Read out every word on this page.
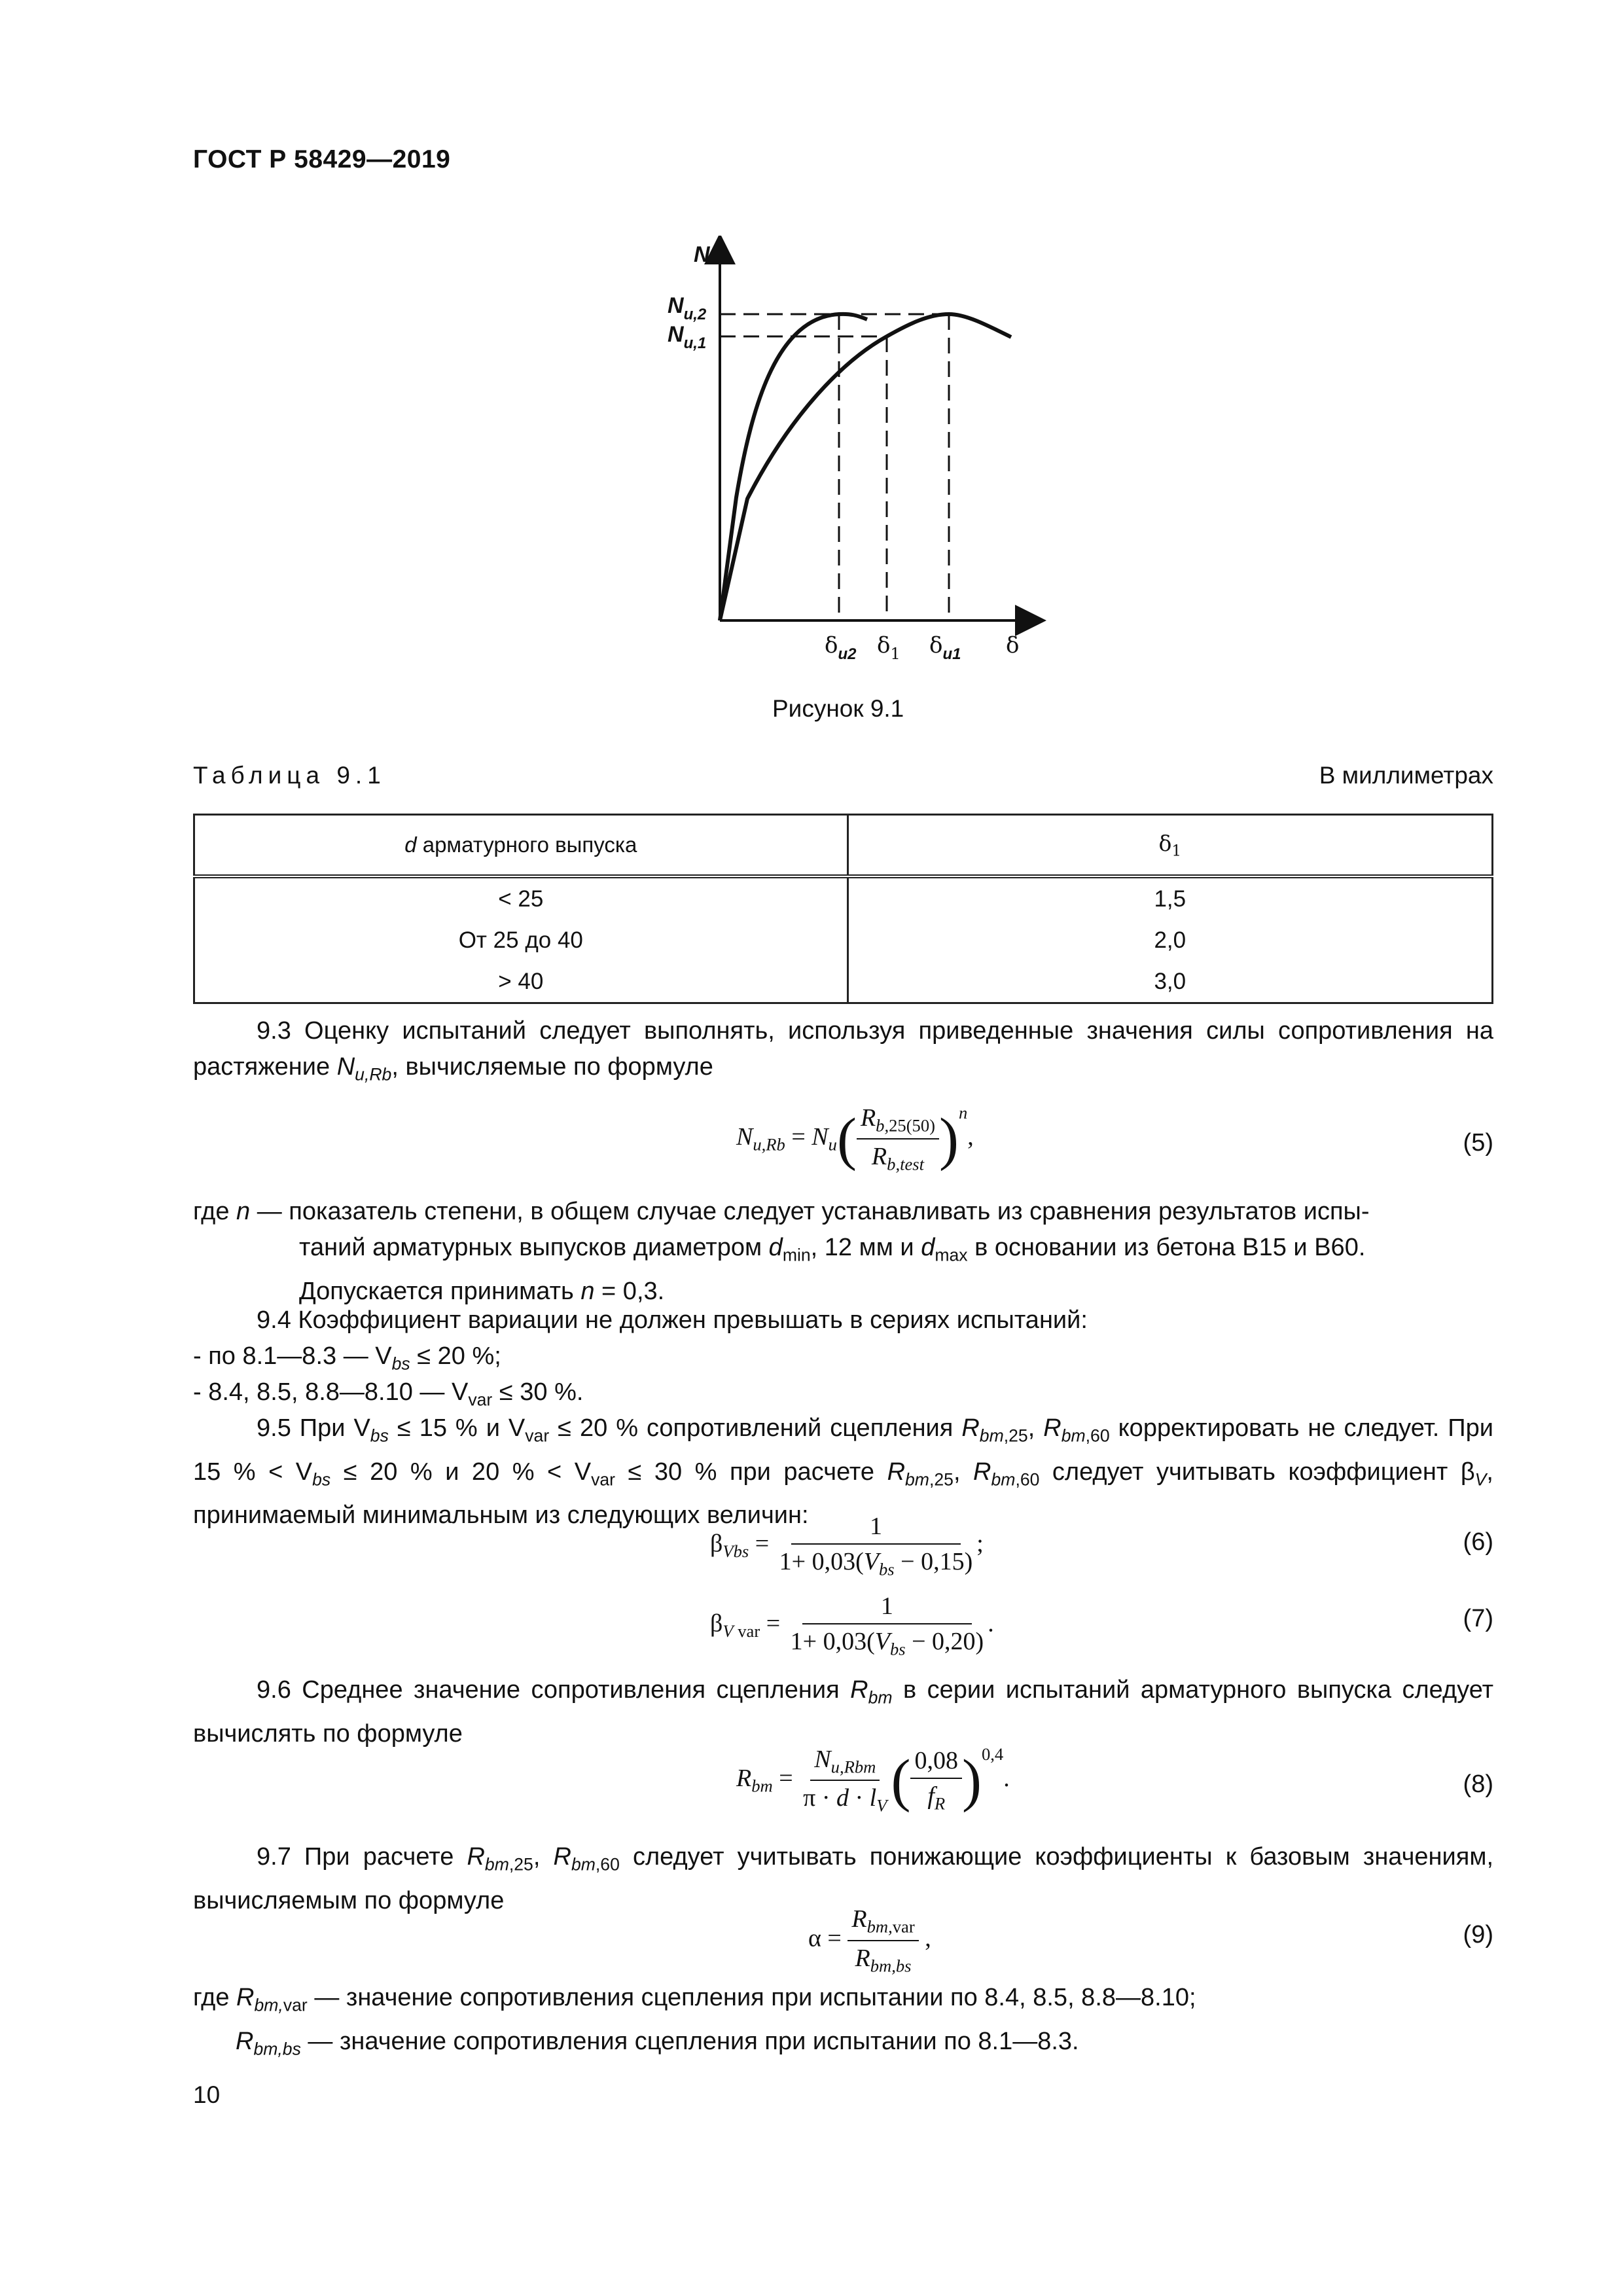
ГОСТ Р 58429—2019
N
$N_{u,2}$
$N_{u,1}$
$\delta_{u2}$ $\delta_1$ $\delta_{u1}$ δ
Рисунок 9.1
Таблица 9.1	В миллиметрах
d арматурного выпуска	$\delta_1$
< 25	1,5
От 25 до 40	2,0
> 40	3,0
9.3 Оценку испытаний следует выполнять, используя приведенные значения силы сопротивления на растяжение $N_{u,Rb}$, вычисляемые по формуле
$N_{u,Rb} = N_u( \frac{R_{b,25(50)}}{R_{b,test}} )^n$,	(5)
где n — показатель степени, в общем случае следует устанавливать из сравнения результатов испы-
таний арматурных выпусков диаметром $d_{min}$, 12 мм и $d_{max}$ в основании из бетона В15 и В60.
Допускается принимать n = 0,3.
9.4 Коэффициент вариации не должен превышать в сериях испытаний:
- по 8.1—8.3 — $V_{bs} \le 20$ %;
- 8.4, 8.5, 8.8—8.10 — $V_{var} \le 30$ %.
9.5 При $V_{bs} \le 15$ % и $V_{var} \le 20$ % сопротивлений сцепления $R_{bm,25}$, $R_{bm,60}$ корректировать не следует. При 15 % < $V_{bs} \le 20$ % и 20 % < $V_{var} \le 30$ % при расчете $R_{bm,25}$, $R_{bm,60}$ следует учитывать коэффициент $\beta_V$, принимаемый минимальным из следующих величин:
$\beta_{Vbs} = \frac{1}{1+ 0,03(V_{bs} - 0,15)}$ ;	(6)
$\beta_V$ $_{var} = \frac{1}{1+ 0,03(V_{bs} - 0,20)}$ .	(7)
9.6 Среднее значение сопротивления сцепления $R_{bm}$ в серии испытаний арматурного выпуска следует вычислять по формуле
$R_{bm} = \frac{N_{u,Rbm}}{\pi \cdot d \cdot l_V}$ ( $\frac{0,08}{f_R} )^{0,4}$.	(8)
9.7 При расчете $R_{bm,25}$, $R_{bm,60}$ следует учитывать понижающие коэффициенты к базовым значениям, вычисляемым по формуле
$\alpha = \frac{R_{bm,var}}{R_{bm,bs}}$ ,	(9)
где $R_{bm,var}$ — значение сопротивления сцепления при испытании по 8.4, 8.5, 8.8—8.10;
$R_{bm,bs}$ — значение сопротивления сцепления при испытании по 8.1—8.3.
10
